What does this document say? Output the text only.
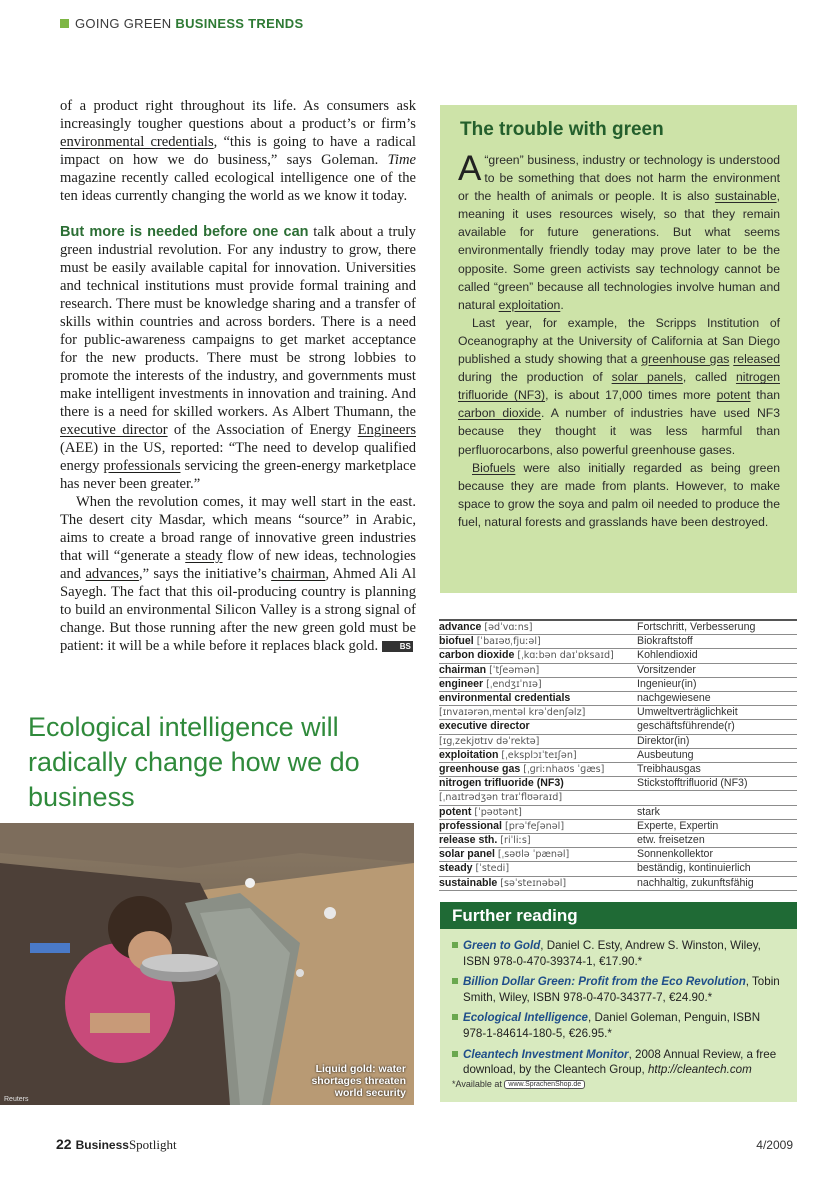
GOING GREEN BUSINESS TRENDS

of a product right throughout its life. As consumers ask increasingly tougher questions about a product’s or firm’s environmental credentials, “this is going to have a radical impact on how we do business,” says Goleman. Time magazine recently called ecological intelligence one of the ten ideas currently changing the world as we know it today.

But more is needed before one can talk about a truly green industrial revolution. For any industry to grow, there must be easily available capital for innovation. Universities and technical institutions must provide formal training and research. There must be knowledge sharing and a transfer of skills within countries and across borders. There is a need for public-awareness campaigns to get market acceptance for the new products. There must be strong lobbies to promote the interests of the industry, and governments must make intelligent investments in innovation and training. And there is a need for skilled workers. As Albert Thumann, the executive director of the Association of Energy Engineers (AEE) in the US, reported: “The need to develop qualified energy professionals servicing the green-energy marketplace has never been greater.”

When the revolution comes, it may well start in the east. The desert city Masdar, which means “source” in Arabic, aims to create a broad range of innovative green industries that will “generate a steady flow of new ideas, technologies and advances,” says the initiative’s chairman, Ahmed Ali Al Sayegh. The fact that this oil-producing country is planning to build an environmental Silicon Valley is a strong signal of change. But those running after the new green gold must be patient: it will be a while before it replaces black gold. BS

Ecological intelligence will radically change how we do business
Liquid gold: water shortages threaten world security
Reuters
The trouble with green

A “green” business, industry or technology is understood to be something that does not harm the environment or the health of animals or people. It is also sustainable, meaning it uses resources wisely, so that they remain available for future generations. But what seems environmentally friendly today may prove later to be the opposite. Some green activists say technology cannot be called “green” because all technologies involve human and natural exploitation.

Last year, for example, the Scripps Institution of Oceanography at the University of California at San Diego published a study showing that a greenhouse gas released during the production of solar panels, called nitrogen trifluoride (NF3), is about 17,000 times more potent than carbon dioxide. A number of industries have used NF3 because they thought it was less harmful than perfluorocarbons, also powerful greenhouse gases.

Biofuels were also initially regarded as being green because they are made from plants. However, to make space to grow the soya and palm oil needed to produce the fuel, natural forests and grasslands have been destroyed.

advance [ədˈvɑːns]	Fortschritt, Verbesserung
biofuel [ˈbaɪəʊˌfjuːəl]	Biokraftstoff
carbon dioxide [ˌkɑːbən daɪˈɒksaɪd]	Kohlendioxid
chairman [ˈtʃeəmən]	Vorsitzender
engineer [ˌendʒɪˈnɪə]	Ingenieur(in)
environmental credentials	nachgewiesene
[ɪnvaɪərənˌmentəl krəˈdenʃəlz]	Umweltverträglichkeit
executive director	geschäftsführende(r)
[ɪgˌzekjʊtɪv dəˈrektə]	Direktor(in)
exploitation [ˌeksplɔɪˈteɪʃən]	Ausbeutung
greenhouse gas [ˌɡriːnhaʊs ˈɡæs]	Treibhausgas
nitrogen trifluoride (NF3)	Stickstofftrifluorid (NF3)
[ˌnaɪtrədʒən traɪˈflʊəraɪd]
potent [ˈpəʊtənt]	stark
professional [prəˈfeʃənəl]	Experte, Expertin
release sth. [riˈliːs]	etw. freisetzen
solar panel [ˌsəʊlə ˈpænəl]	Sonnenkollektor
steady [ˈstedi]	beständig, kontinuierlich
sustainable [səˈsteɪnəbəl]	nachhaltig, zukunftsfähig
Further reading
Green to Gold, Daniel C. Esty, Andrew S. Winston, Wiley, ISBN 978-0-470-39374-1, €17.90.*
Billion Dollar Green: Profit from the Eco Revolution, Tobin Smith, Wiley, ISBN 978-0-470-34377-7, €24.90.*
Ecological Intelligence, Daniel Goleman, Penguin, ISBN 978-1-84614-180-5, €26.95.*
Cleantech Investment Monitor, 2008 Annual Review, a free download, by the Cleantech Group, http://cleantech.com
*Available at www.SprachenShop.de
22 BusinessSpotlight	4/2009
